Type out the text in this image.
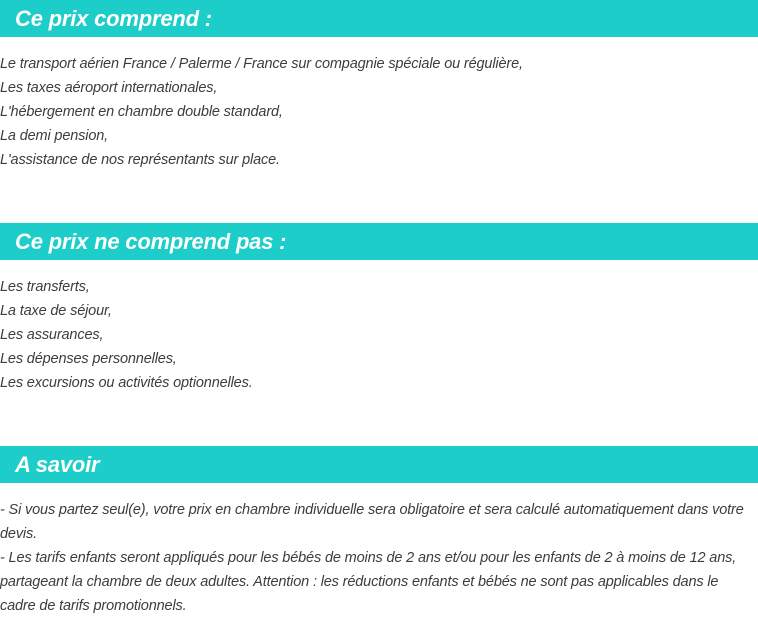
Ce prix comprend :
Le transport aérien France / Palerme / France sur compagnie spéciale ou régulière,
Les taxes aéroport internationales,
L'hébergement en chambre double standard,
La demi pension,
L'assistance de nos représentants sur place.
Ce prix ne comprend pas :
Les transferts,
La taxe de séjour,
Les assurances,
Les dépenses personnelles,
Les excursions ou activités optionnelles.
A savoir
- Si vous partez seul(e), votre prix en chambre individuelle sera obligatoire et sera calculé automatiquement dans votre devis.
- Les tarifs enfants seront appliqués pour les bébés de moins de 2 ans et/ou pour les enfants de 2 à moins de 12 ans, partageant la chambre de deux adultes. Attention : les réductions enfants et bébés ne sont pas applicables dans le cadre de tarifs promotionnels.
